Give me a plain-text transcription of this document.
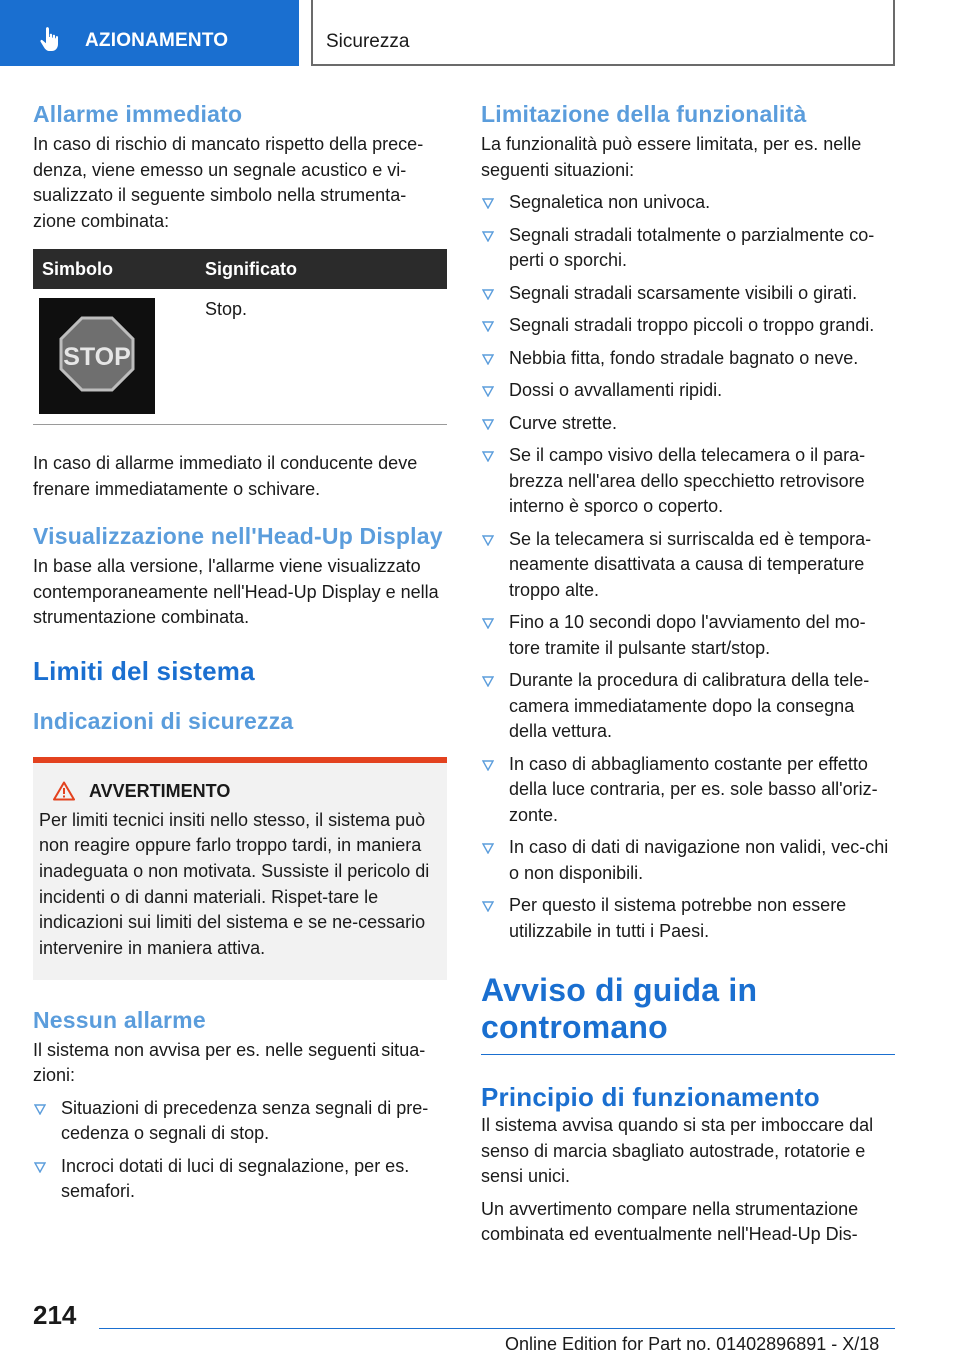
AZIONAMENTO	Sicurezza
Allarme immediato

In caso di rischio di mancato rispetto della prece-denza, viene emesso un segnale acustico e vi-sualizzato il seguente simbolo nella strumenta-zione combinata:

Simbolo	Significato
STOP
Stop.

In caso di allarme immediato il conducente deve frenare immediatamente o schivare.

Visualizzazione nell'Head-Up Display

In base alla versione, l'allarme viene visualizzato contemporaneamente nell'Head-Up Display e nella strumentazione combinata.

Limiti del sistema
Indicazioni di sicurezza
AVVERTIMENTO

Per limiti tecnici insiti nello stesso, il sistema può non reagire oppure farlo troppo tardi, in maniera inadeguata o non motivata. Sussiste il pericolo di incidenti o di danni materiali. Rispet-tare le indicazioni sui limiti del sistema e se ne-cessario intervenire in maniera attiva.

Nessun allarme

Il sistema non avvisa per es. nelle seguenti situa-zioni:

Situazioni di precedenza senza segnali di pre-cedenza o segnali di stop.
Incroci dotati di luci di segnalazione, per es. semafori.
Limitazione della funzionalità

La funzionalità può essere limitata, per es. nelle seguenti situazioni:

Segnaletica non univoca.
Segnali stradali totalmente o parzialmente co-perti o sporchi.
Segnali stradali scarsamente visibili o girati.
Segnali stradali troppo piccoli o troppo grandi.
Nebbia fitta, fondo stradale bagnato o neve.
Dossi o avvallamenti ripidi.
Curve strette.
Se il campo visivo della telecamera o il para-brezza nell'area dello specchietto retrovisore interno è sporco o coperto.
Se la telecamera si surriscalda ed è tempora-neamente disattivata a causa di temperature troppo alte.
Fino a 10 secondi dopo l'avviamento del mo-tore tramite il pulsante start/stop.
Durante la procedura di calibratura della tele-camera immediatamente dopo la consegna della vettura.
In caso di abbagliamento costante per effetto della luce contraria, per es. sole basso all'oriz-zonte.
In caso di dati di navigazione non validi, vec-chi o non disponibili.
Per questo il sistema potrebbe non essere utilizzabile in tutti i Paesi.
Avviso di guida in contromano
Principio di funzionamento

Il sistema avvisa quando si sta per imboccare dal senso di marcia sbagliato autostrade, rotatorie e sensi unici.

Un avvertimento compare nella strumentazione combinata ed eventualmente nell'Head-Up Dis-

214
Online Edition for Part no. 01402896891 - X/18
